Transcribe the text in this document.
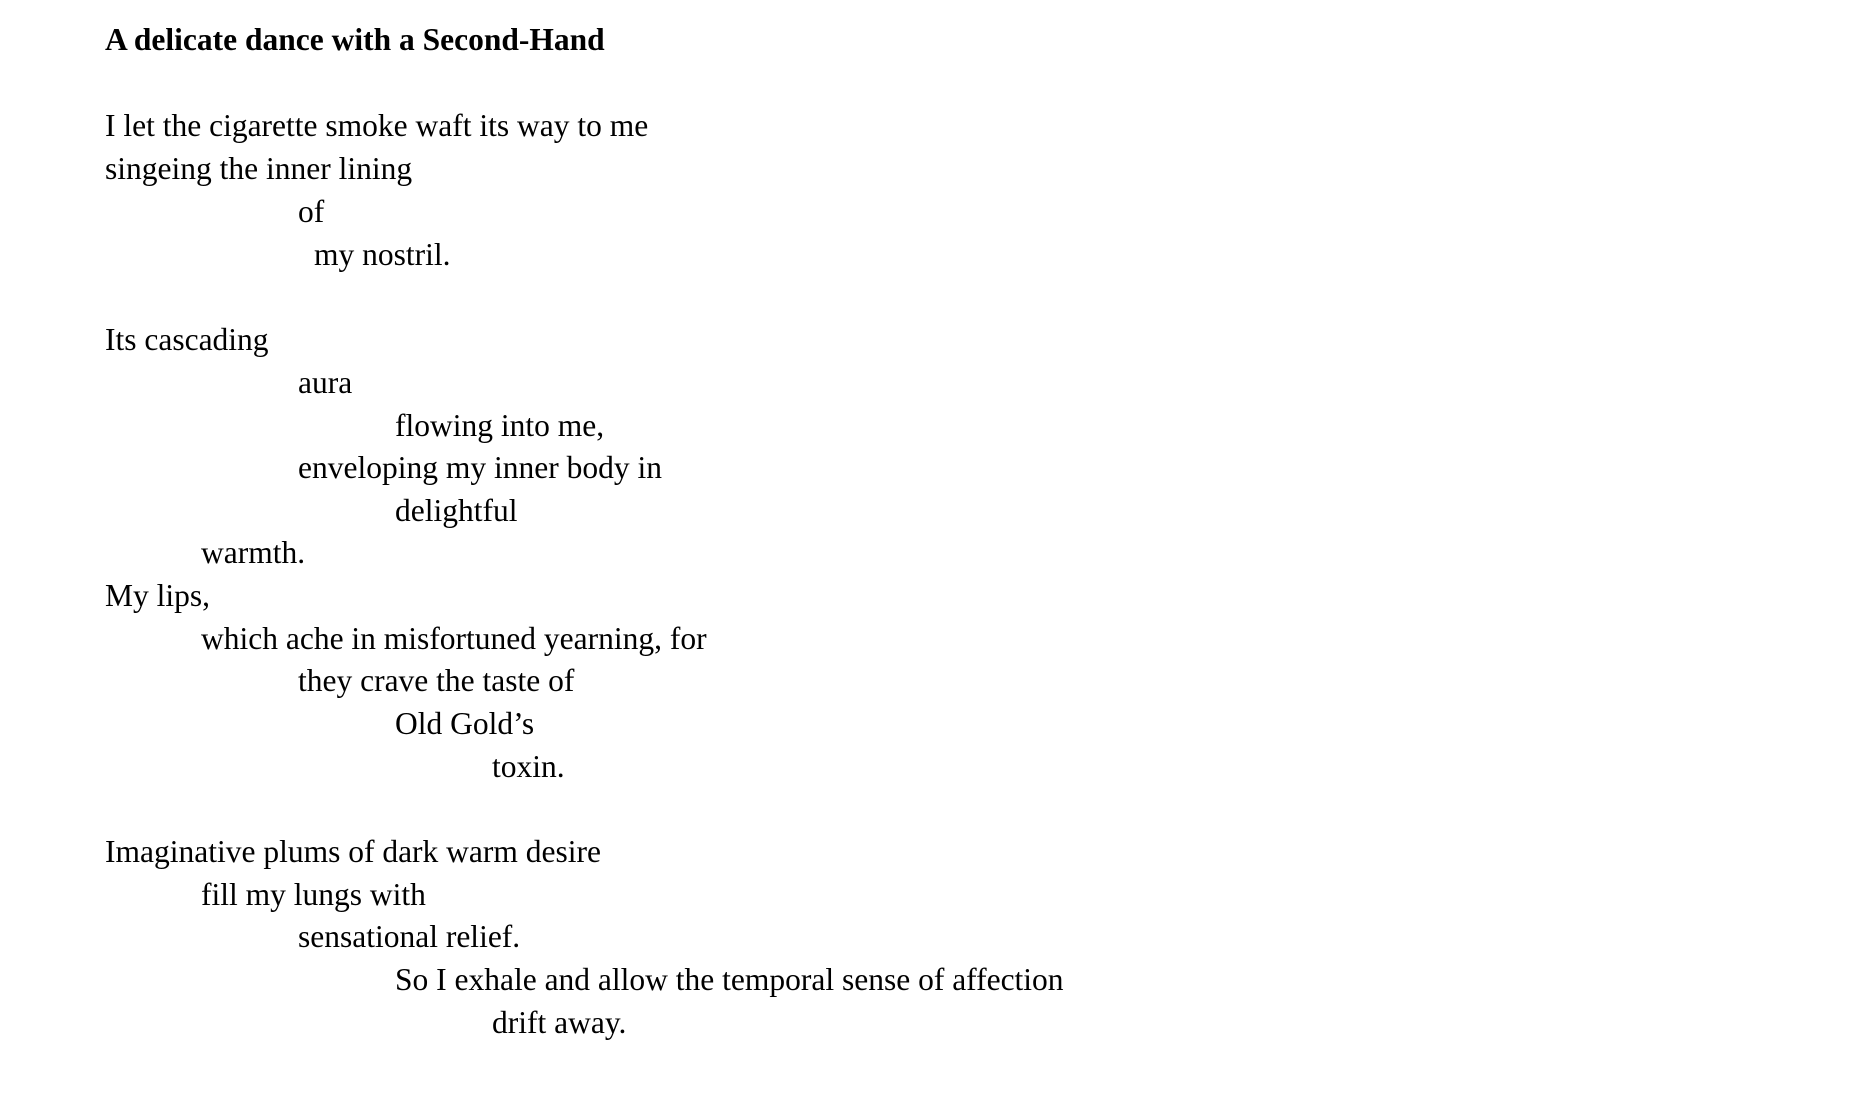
A delicate dance with a Second-Hand
I let the cigarette smoke waft its way to me
singeing the inner lining
of
my nostril.
Its cascading
aura
flowing into me,
enveloping my inner body in
delightful
warmth.
My lips,
which ache in misfortuned yearning, for
they crave the taste of
Old Gold’s
toxin.
Imaginative plums of dark warm desire
fill my lungs with
sensational relief.
So I exhale and allow the temporal sense of affection
drift away.
